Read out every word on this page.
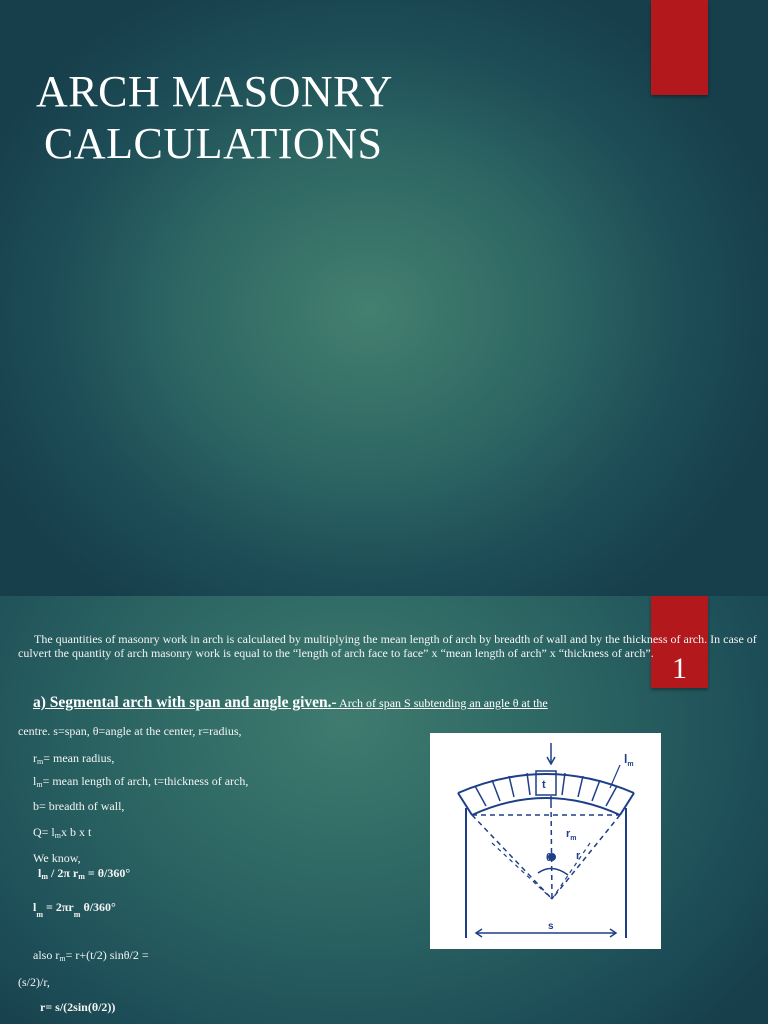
ARCH MASONRY
CALCULATIONS
1
The quantities of masonry work in arch is calculated by multiplying the mean length of arch by breadth of wall and by the thickness of arch. In case of culvert the quantity of arch masonry work is equal to the “length of arch face to face” x “mean length of arch” x “thickness of arch”.
a) Segmental arch with span and angle given.- Arch of span S subtending an angle θ at the
centre. s=span, θ=angle at the center, r=radius,
$r_m=$ mean radius,
$l_m=$ mean length of arch, t=thickness of arch,
b= breadth of wall,
$Q= l_mx$ b x t
We know,
$l_m / 2\pi$ $r_m = \theta/360^\circ$
$l_m = 2\pi r_m$ θ/360°
also $r_m= r+(t/2) \sin\theta/2$ =
(s/2)/r,
r= s/(2sin(θ/2))
t
$l_m$
$r_m$
r
θ
s
